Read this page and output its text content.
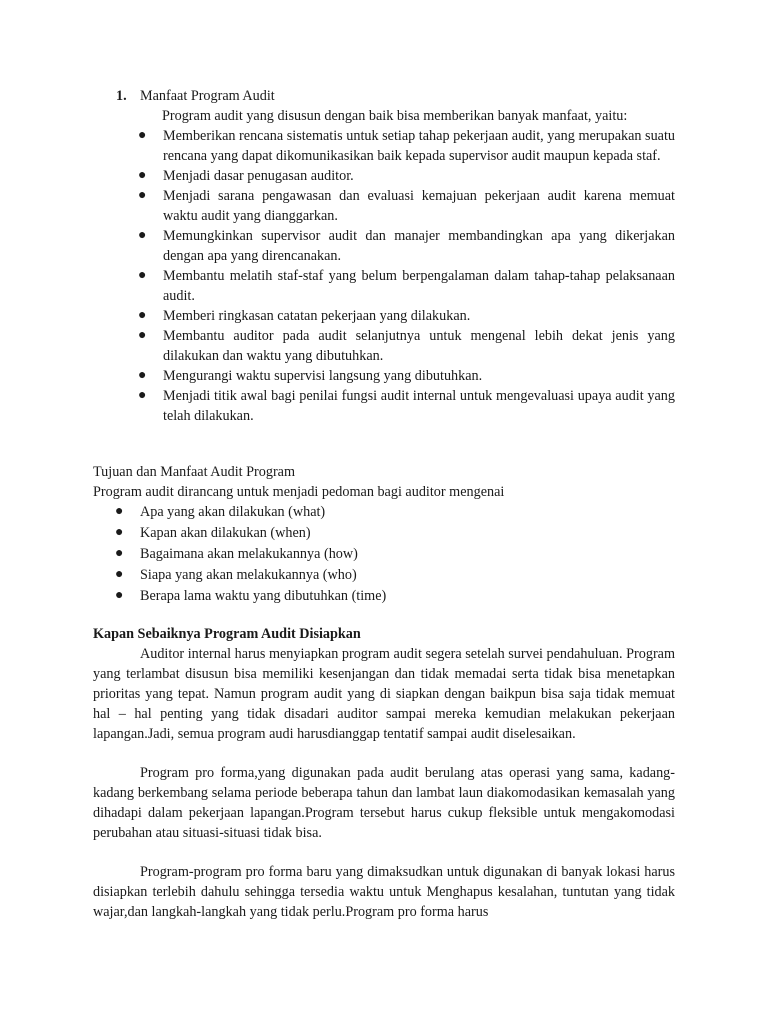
1. Manfaat Program Audit
Program audit yang disusun dengan baik bisa memberikan banyak manfaat, yaitu:
● Memberikan rencana sistematis untuk setiap tahap pekerjaan audit, yang merupakan suatu rencana yang dapat dikomunikasikan baik kepada supervisor audit maupun kepada staf.
● Menjadi dasar penugasan auditor.
● Menjadi sarana pengawasan dan evaluasi kemajuan pekerjaan audit karena memuat waktu audit yang dianggarkan.
● Memungkinkan supervisor audit dan manajer membandingkan apa yang dikerjakan dengan apa yang direncanakan.
● Membantu melatih staf-staf yang belum berpengalaman dalam tahap-tahap pelaksanaan audit.
● Memberi ringkasan catatan pekerjaan yang dilakukan.
● Membantu auditor pada audit selanjutnya untuk mengenal lebih dekat jenis yang dilakukan dan waktu yang dibutuhkan.
● Mengurangi waktu supervisi langsung yang dibutuhkan.
● Menjadi titik awal bagi penilai fungsi audit internal untuk mengevaluasi upaya audit yang telah dilakukan.
Tujuan dan Manfaat Audit Program
Program audit dirancang untuk menjadi pedoman bagi auditor mengenai
● Apa yang akan dilakukan (what)
● Kapan akan dilakukan (when)
● Bagaimana akan melakukannya (how)
● Siapa yang akan melakukannya (who)
● Berapa lama waktu yang dibutuhkan (time)
Kapan Sebaiknya Program Audit Disiapkan

Auditor internal harus menyiapkan program audit segera setelah survei pendahuluan. Program yang terlambat disusun bisa memiliki kesenjangan dan tidak memadai serta tidak bisa menetapkan prioritas yang tepat. Namun program audit yang di siapkan dengan baikpun bisa saja tidak memuat hal – hal penting yang tidak disadari auditor sampai mereka kemudian melakukan pekerjaan lapangan.Jadi, semua program audi harusdianggap tentatif sampai audit diselesaikan.

Program pro forma,yang digunakan pada audit berulang atas operasi yang sama, kadang-kadang berkembang selama periode beberapa tahun dan lambat laun diakomodasikan kemasalah yang dihadapi dalam pekerjaan lapangan.Program tersebut harus cukup fleksible untuk mengakomodasi perubahan atau situasi-situasi tidak bisa.

Program-program pro forma baru yang dimaksudkan untuk digunakan di banyak lokasi harus disiapkan terlebih dahulu sehingga tersedia waktu untuk Menghapus kesalahan, tuntutan yang tidak wajar,dan langkah-langkah yang tidak perlu.Program pro forma harus
